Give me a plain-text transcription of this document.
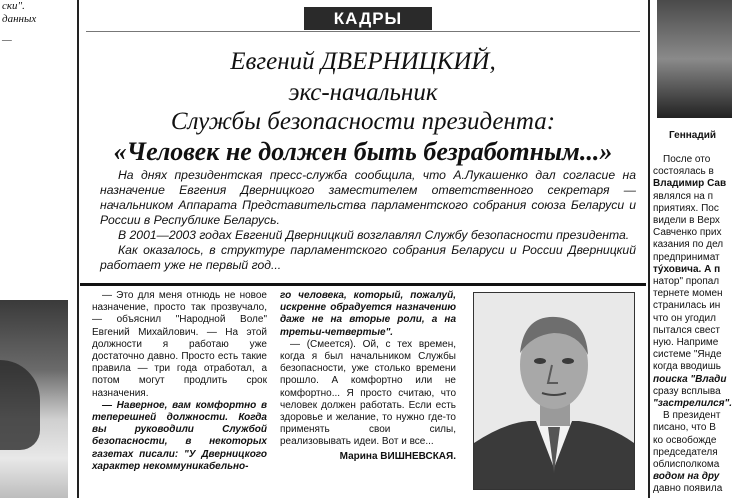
ски".
данных
—
КАДРЫ
Евгений ДВЕРНИЦКИЙ,
экс-начальник
Службы безопасности президента:
«Человек не должен быть безработным...»

На днях президентская пресс-служба сообщила, что А.Лукашенко дал согласие на назначение Евгения Дверницкого заместителем ответственного секретаря — начальником Аппарата Представительства парламентского собрания союза Беларуси и России в Республике Беларусь.

В 2001—2003 годах Евгений Дверницкий возглавлял Службу безопасности президента.

Как оказалось, в структуре парламентского собрания Беларуси и России Дверницкий работает уже не первый год...

— Это для меня отнюдь не новое назначение, просто так прозвучало, — объяснил "Народной Воле" Евгений Михайлович. — На этой должности я работаю уже достаточно давно. Просто есть такие правила — три года отработал, а потом могут продлить срок назначения.

— Наверное, вам комфортно в теперешней должности. Когда вы руководили Службой безопасности, в некоторых газетах писали: "У Дверницкого характер некоммуникабельно-

го человека, который, пожалуй, искренне обрадуется назначению даже не на вторые роли, а на третьи-четвертые".

— (Смеется). Ой, с тех времен, когда я был начальником Службы безопасности, уже столько времени прошло. А комфортно или не комфортно... Я просто считаю, что человек должен работать. Если есть здоровье и желание, то нужно где-то применять свои силы, реализовывать идеи. Вот и все...

Марина ВИШНЕВСКАЯ.
Геннадий
После ото
состоялась в
Владимир Сав
являлся на п
приятиях. Пос
видели в Верх
Савченко прих
казания по дел
предпринимат
тýховича. А п
натор" пропал
тернете момен
странилась ин
что он угодил
пытался свест
ную. Наприме
системе "Янде
когда вводишь
поиска "Влади
сразу всплыва
"застрелился".
В президент
писано, что В
ко освобожде
председателя
облисполкома
водом на дру
давно появила
